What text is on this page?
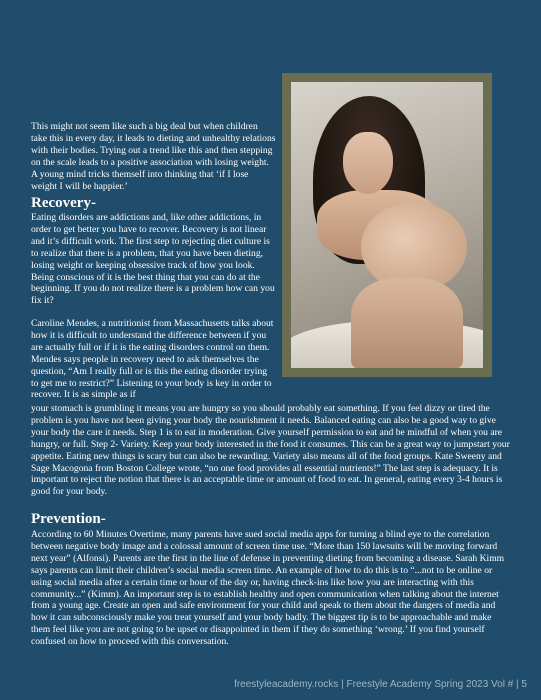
This might not seem like such a big deal but when children take this in every day, it leads to dieting and unhealthy relations with their bodies. Trying out a trend like this and then stepping on the scale leads to a positive association with losing weight. A young mind tricks themself into thinking that ‘if I lose weight I will be happier.’

Recovery-

Eating disorders are addictions and, like other addictions, in order to get better you have to recover. Recovery is not linear and it’s difficult work. The first step to rejecting diet culture is to realize that there is a problem, that you have been dieting, losing weight or keeping obsessive track of how you look. Being conscious of it is the best thing that you can do at the beginning. If you do not realize there is a problem how can you fix it?

Caroline Mendes, a nutritionist from Massachusetts talks about how it is difficult to understand the difference between if you are actually full or if it is the eating disorders control on them. Mendes says people in recovery need to ask themselves the question, “Am I really full or is this the eating disorder trying to get me to restrict?” Listening to your body is key in order to recover. It is as simple as if

your stomach is grumbling it means you are hungry so you should probably eat something. If you feel dizzy or tired the problem is you have not been giving your body the nourishment it needs. Balanced eating can also be a good way to give your body the care it needs. Step 1 is to eat in moderation. Give yourself permission to eat and be mindful of when you are hungry, or full. Step 2- Variety. Keep your body interested in the food it consumes. This can be a great way to jumpstart your appetite. Eating new things is scary but can also be rewarding. Variety also means all of the food groups. Kate Sweeny and Sage Macogona from Boston College wrote, “no one food provides all essential nutrients!” The last step is adequacy. It is important to reject the notion that there is an acceptable time or amount of food to eat. In general, eating every 3-4 hours is good for your body.

Prevention-

According to 60 Minutes Overtime, many parents have sued social media apps for turning a blind eye to the correlation between negative body image and a colossal amount of screen time use. “More than 150 lawsuits will be moving forward next year” (Alfonsi). Parents are the first in the line of defense in preventing dieting from becoming a disease. Sarah Kimm says parents can limit their children’s social media screen time. An example of how to do this is to “...not to be online or using social media after a certain time or hour of the day or, having check-ins like how you are interacting with this community...” (Kimm). An important step is to establish healthy and open communication when talking about the internet from a young age. Create an open and safe environment for your child and speak to them about the dangers of media and how it can subconsciously make you treat yourself and your body badly. The biggest tip is to be approachable and make them feel like you are not going to be upset or disappointed in them if they do something ‘wrong.’ If you find yourself confused on how to proceed with this conversation.

freestyleacademy.rocks | Freestyle Academy Spring 2023 Vol # | 5
